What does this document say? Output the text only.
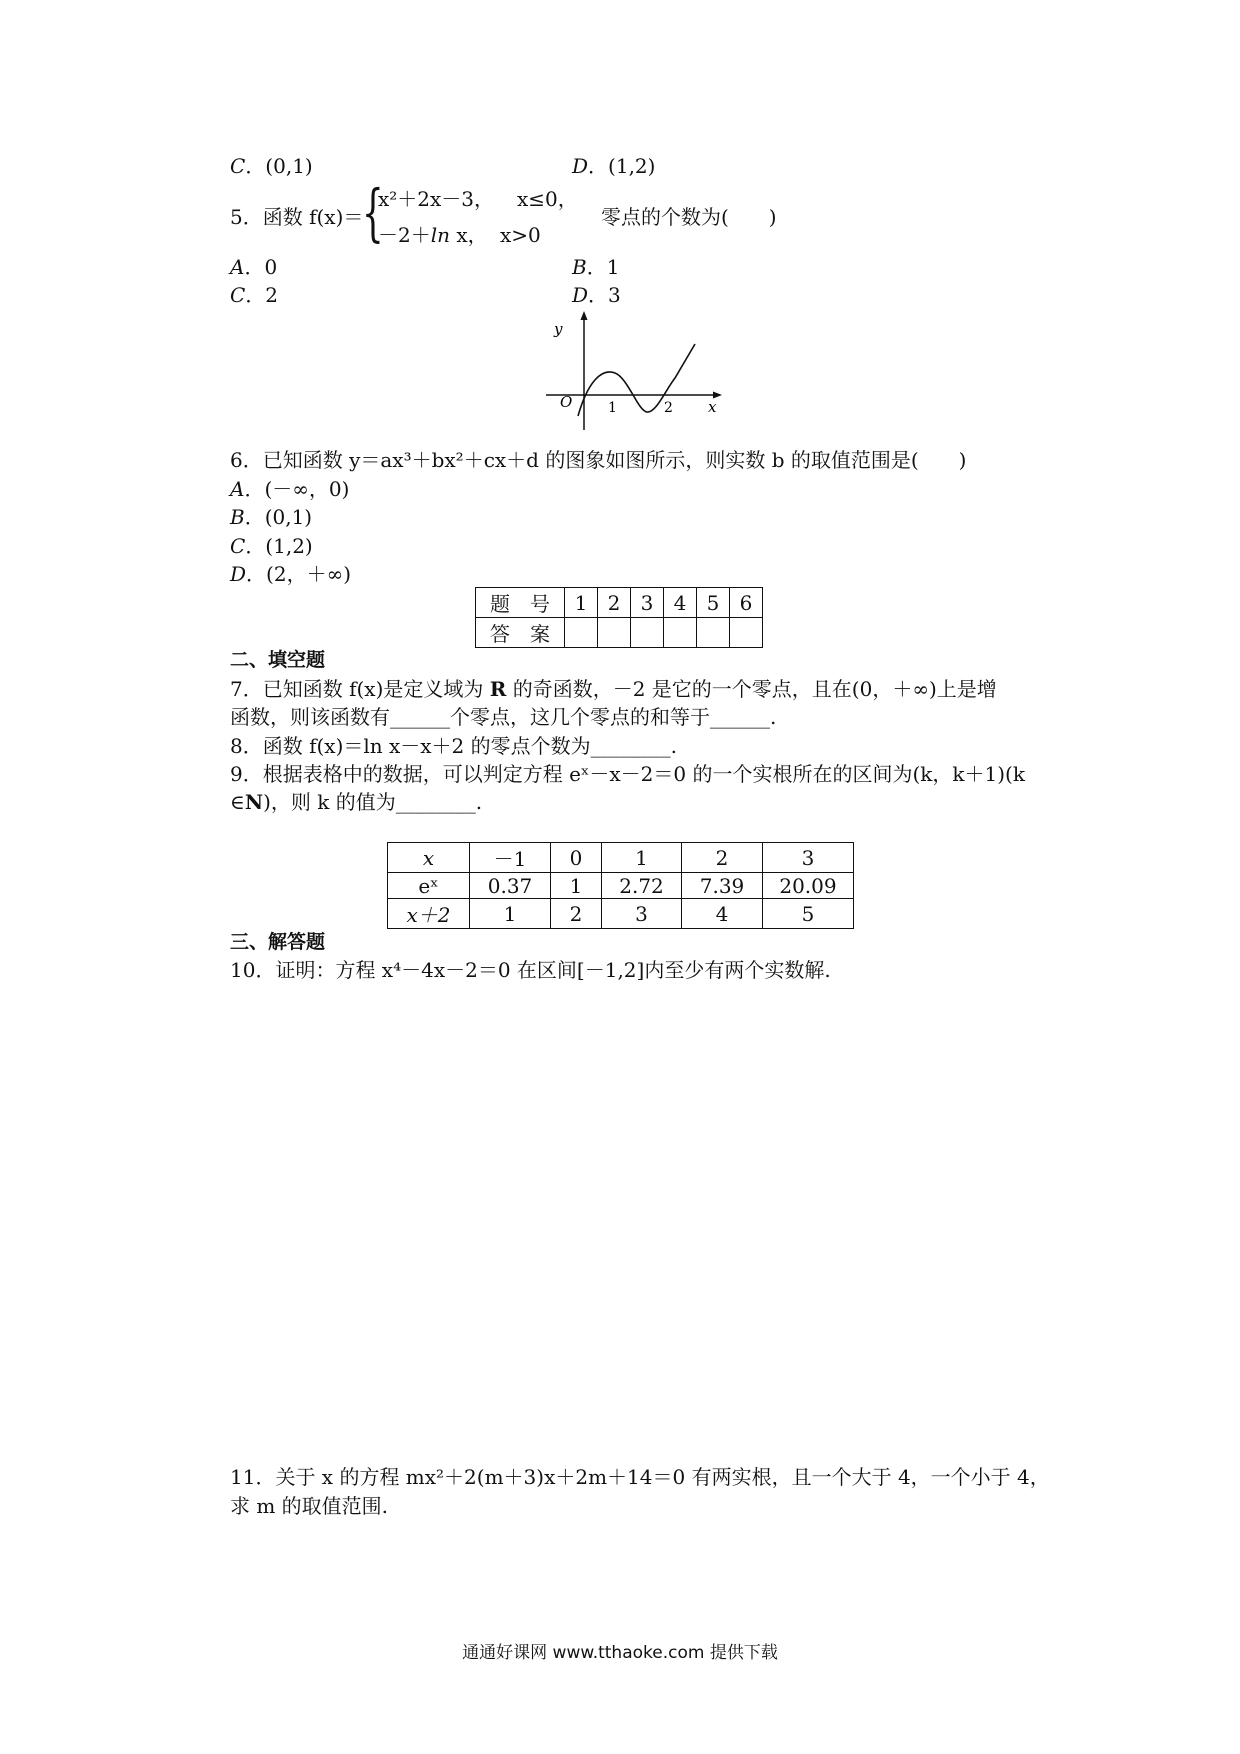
C．(0,1)	D．(1,2)
5．函数 f(x)＝
{
x²＋2x－3， x≤0，
－2＋ln x， x>0
零点的个数为(　　)
A．0	B．1
C．2	D．3
y
x
O	1	2
6．已知函数 y＝ax³＋bx²＋cx＋d 的图象如图所示，则实数 b 的取值范围是(　　)
A．(－∞，0)
B．(0,1)
C．(1,2)
D．(2，＋∞)
题　号	1	2	3	4	5	6
答　案						
二、填空题
7．已知函数 f(x)是定义域为 R 的奇函数，－2 是它的一个零点，且在(0，＋∞)上是增
函数，则该函数有______个零点，这几个零点的和等于______.
8．函数 f(x)＝ln x－x＋2 的零点个数为________.
9．根据表格中的数据，可以判定方程 eˣ－x－2＝0 的一个实根所在的区间为(k，k＋1)(k
∈N)，则 k 的值为________.
x	－1	0	1	2	3
eˣ	0.37	1	2.72	7.39	20.09
x＋2	1	2	3	4	5
三、解答题
10．证明：方程 x⁴－4x－2＝0 在区间[－1,2]内至少有两个实数解.
11．关于 x 的方程 mx²＋2(m＋3)x＋2m＋14＝0 有两实根，且一个大于 4，一个小于 4，
求 m 的取值范围.
通通好课网 www.tthaoke.com 提供下载
